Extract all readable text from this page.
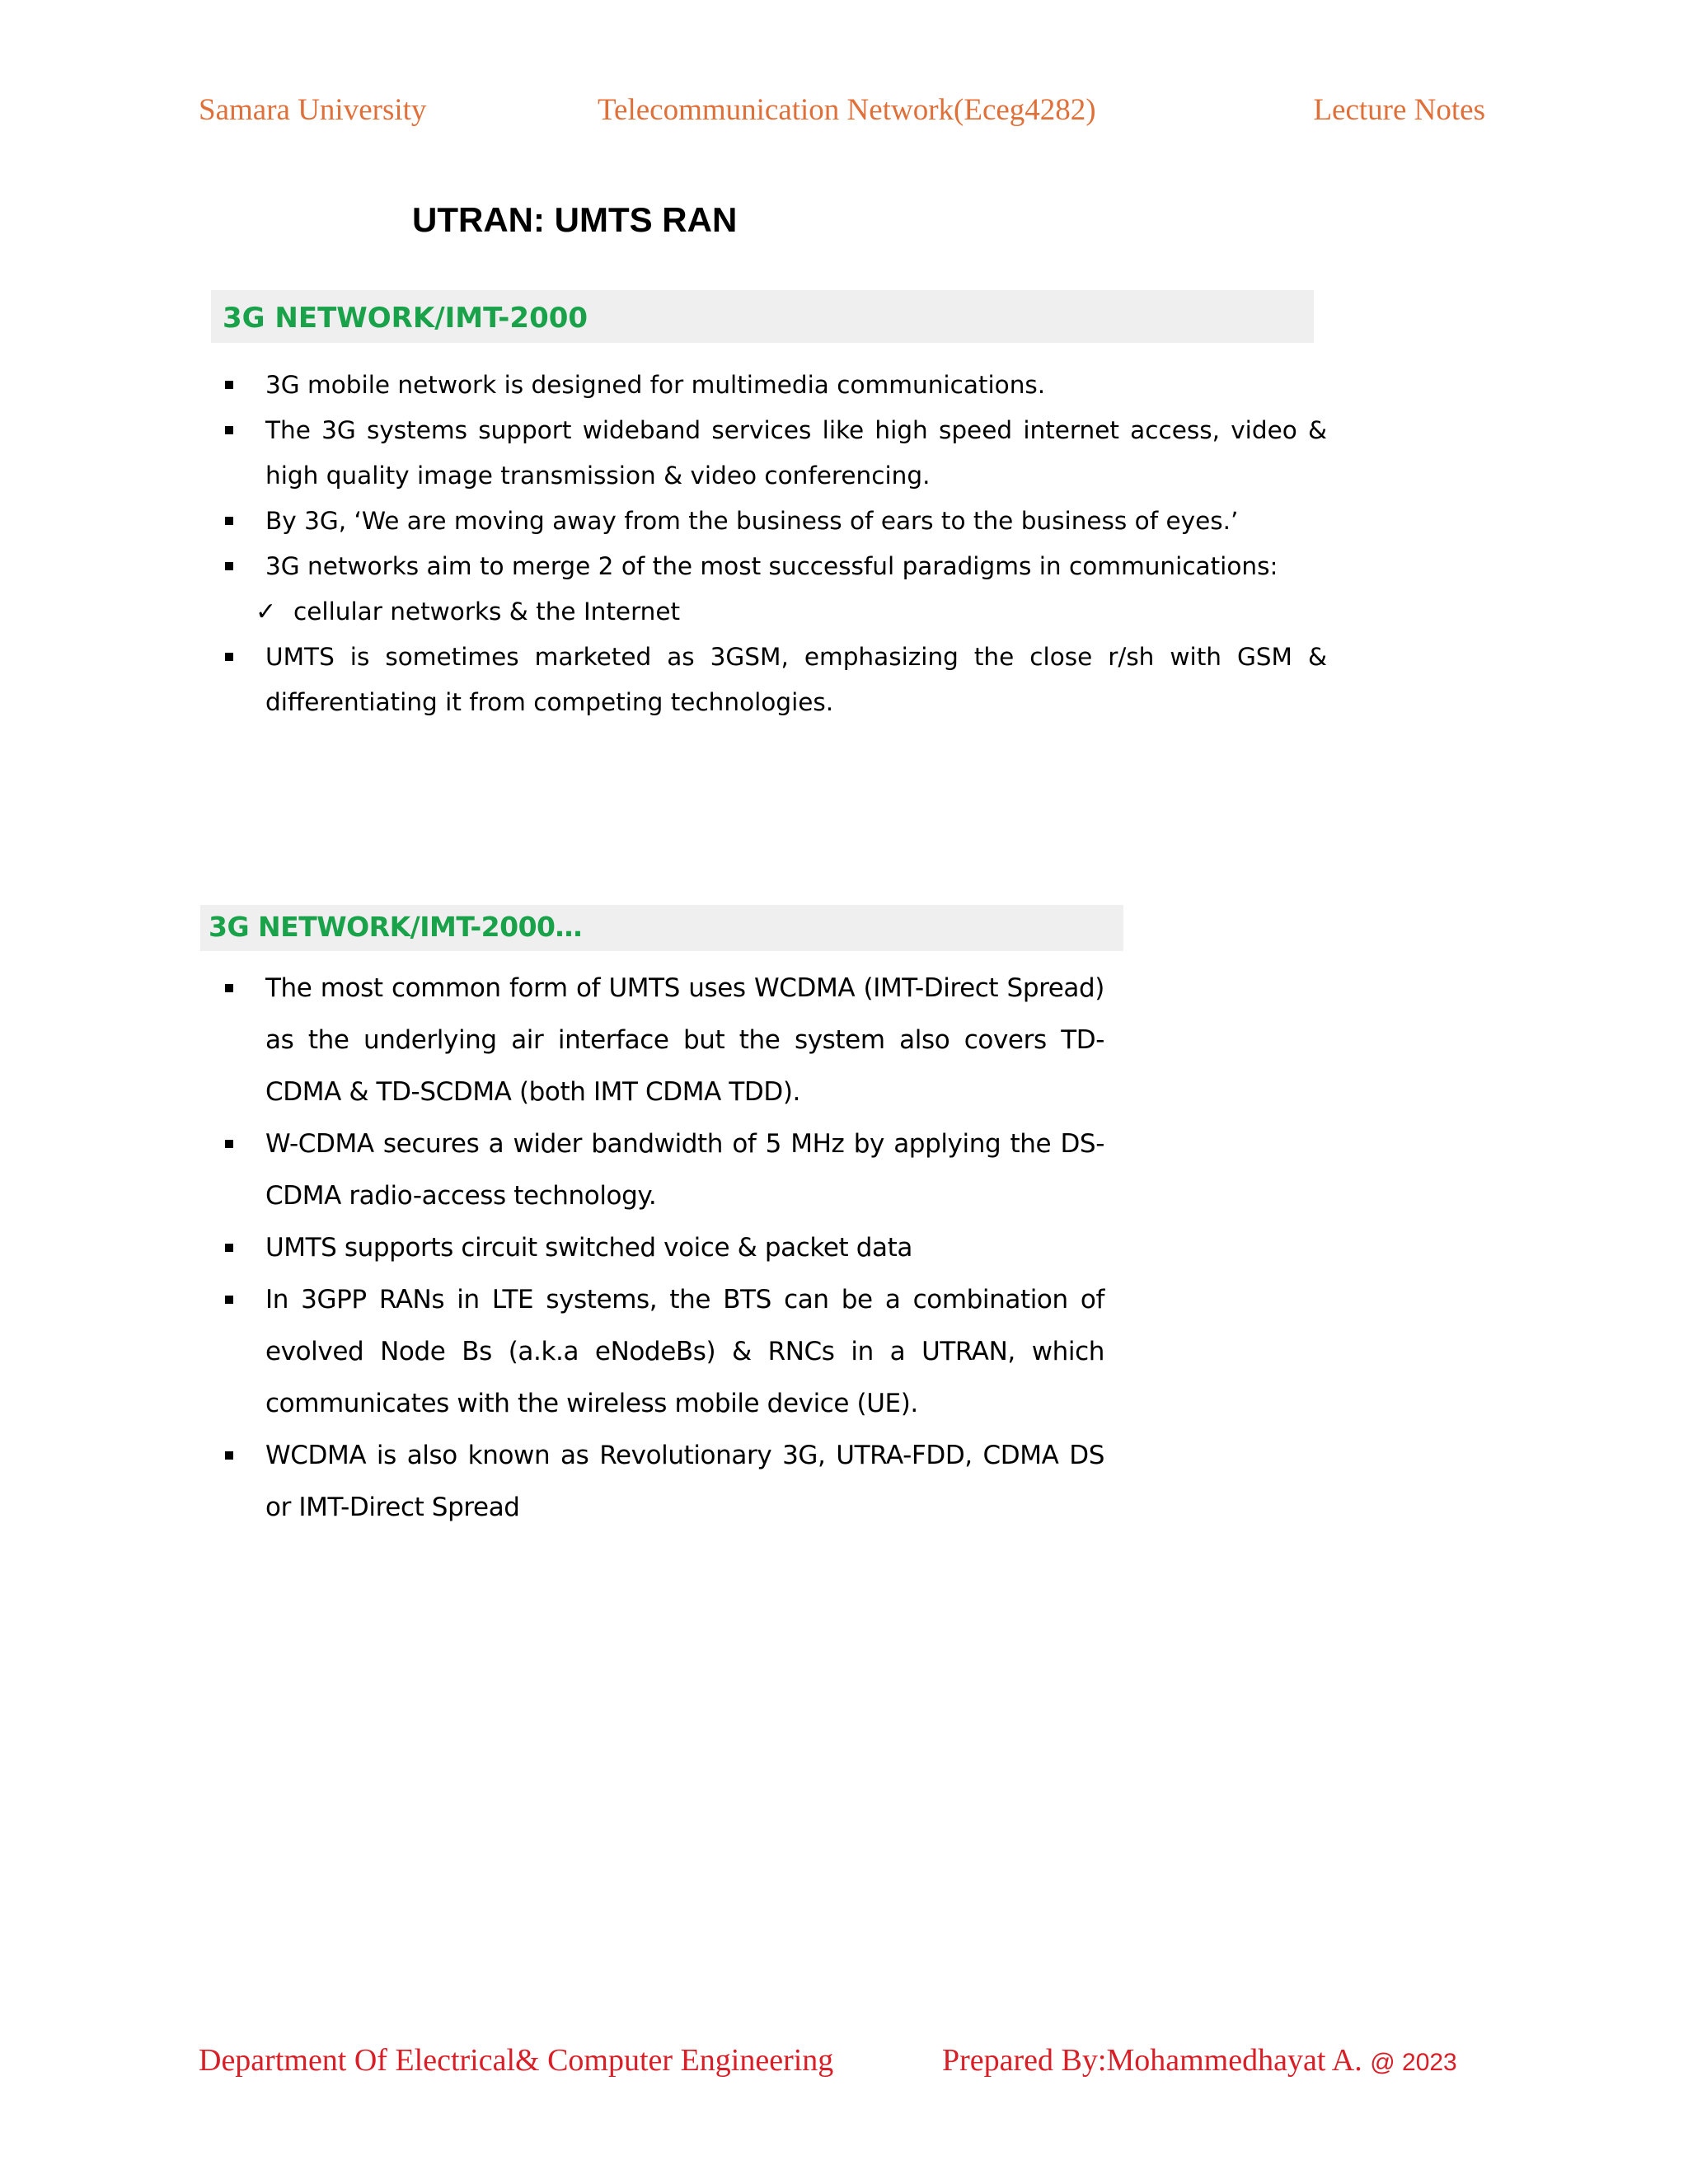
Samara University	Telecommunication Network(Eceg4282)	Lecture Notes
UTRAN: UMTS RAN
3G NETWORK/IMT-2000
3G mobile network is designed for multimedia communications.
The 3G systems support wideband services like high speed internet access, video & high quality image transmission & video conferencing.
By 3G, ‘We are moving away from the business of ears to the business of eyes.’
3G networks aim to merge 2 of the most successful paradigms in communications:
✓ cellular networks & the Internet
UMTS is sometimes marketed as 3GSM, emphasizing the close r/sh with GSM & differentiating it from competing technologies.
3G NETWORK/IMT-2000…
The most common form of UMTS uses WCDMA (IMT-Direct Spread) as the underlying air interface but the system also covers TD-CDMA & TD-SCDMA (both IMT CDMA TDD).
W-CDMA secures a wider bandwidth of 5 MHz by applying the DS-CDMA radio-access technology.
UMTS supports circuit switched voice & packet data
In 3GPP RANs in LTE systems, the BTS can be a combination of evolved Node Bs (a.k.a eNodeBs) & RNCs in a UTRAN, which communicates with the wireless mobile device (UE).
WCDMA is also known as Revolutionary 3G, UTRA-FDD, CDMA DS or IMT-Direct Spread
Department Of Electrical& Computer Engineering	Prepared By:Mohammedhayat A. @ 2023
